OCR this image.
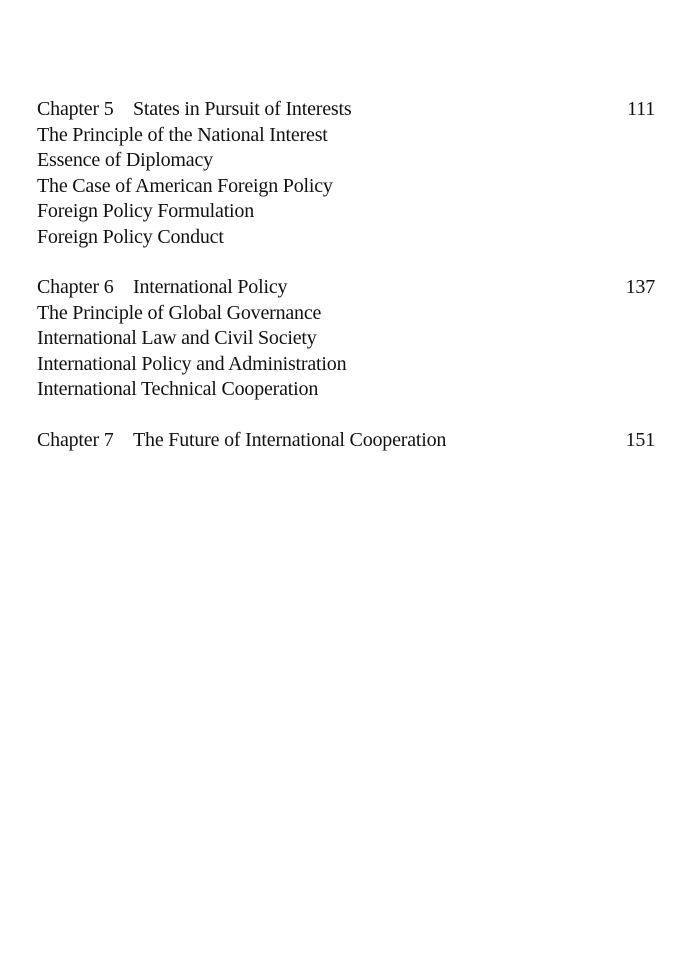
Chapter 5 States in Pursuit of Interests	111
The Principle of the National Interest
Essence of Diplomacy
The Case of American Foreign Policy
Foreign Policy Formulation
Foreign Policy Conduct
Chapter 6 International Policy	137
The Principle of Global Governance
International Law and Civil Society
International Policy and Administration
International Technical Cooperation
Chapter 7 The Future of International Cooperation	151
